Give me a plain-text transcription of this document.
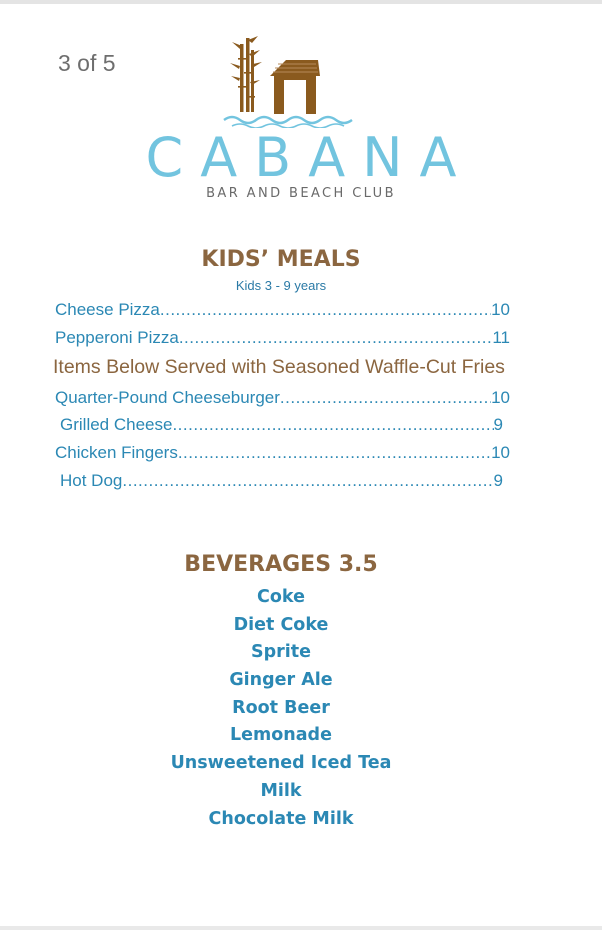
3 of 5
CABANA
BAR AND BEACH CLUB
KIDS’ MEALS
Kids 3 - 9 years
Cheese Pizza .....	10
Pepperoni Pizza .....	11
Items Below Served with Seasoned Waffle-Cut Fries
Quarter-Pound Cheeseburger .....	10
Grilled Cheese .....	9
Chicken Fingers .....	10
Hot Dog .....	9
BEVERAGES 3.5
Coke
Diet Coke
Sprite
Ginger Ale
Root Beer
Lemonade
Unsweetened Iced Tea
Milk
Chocolate Milk
